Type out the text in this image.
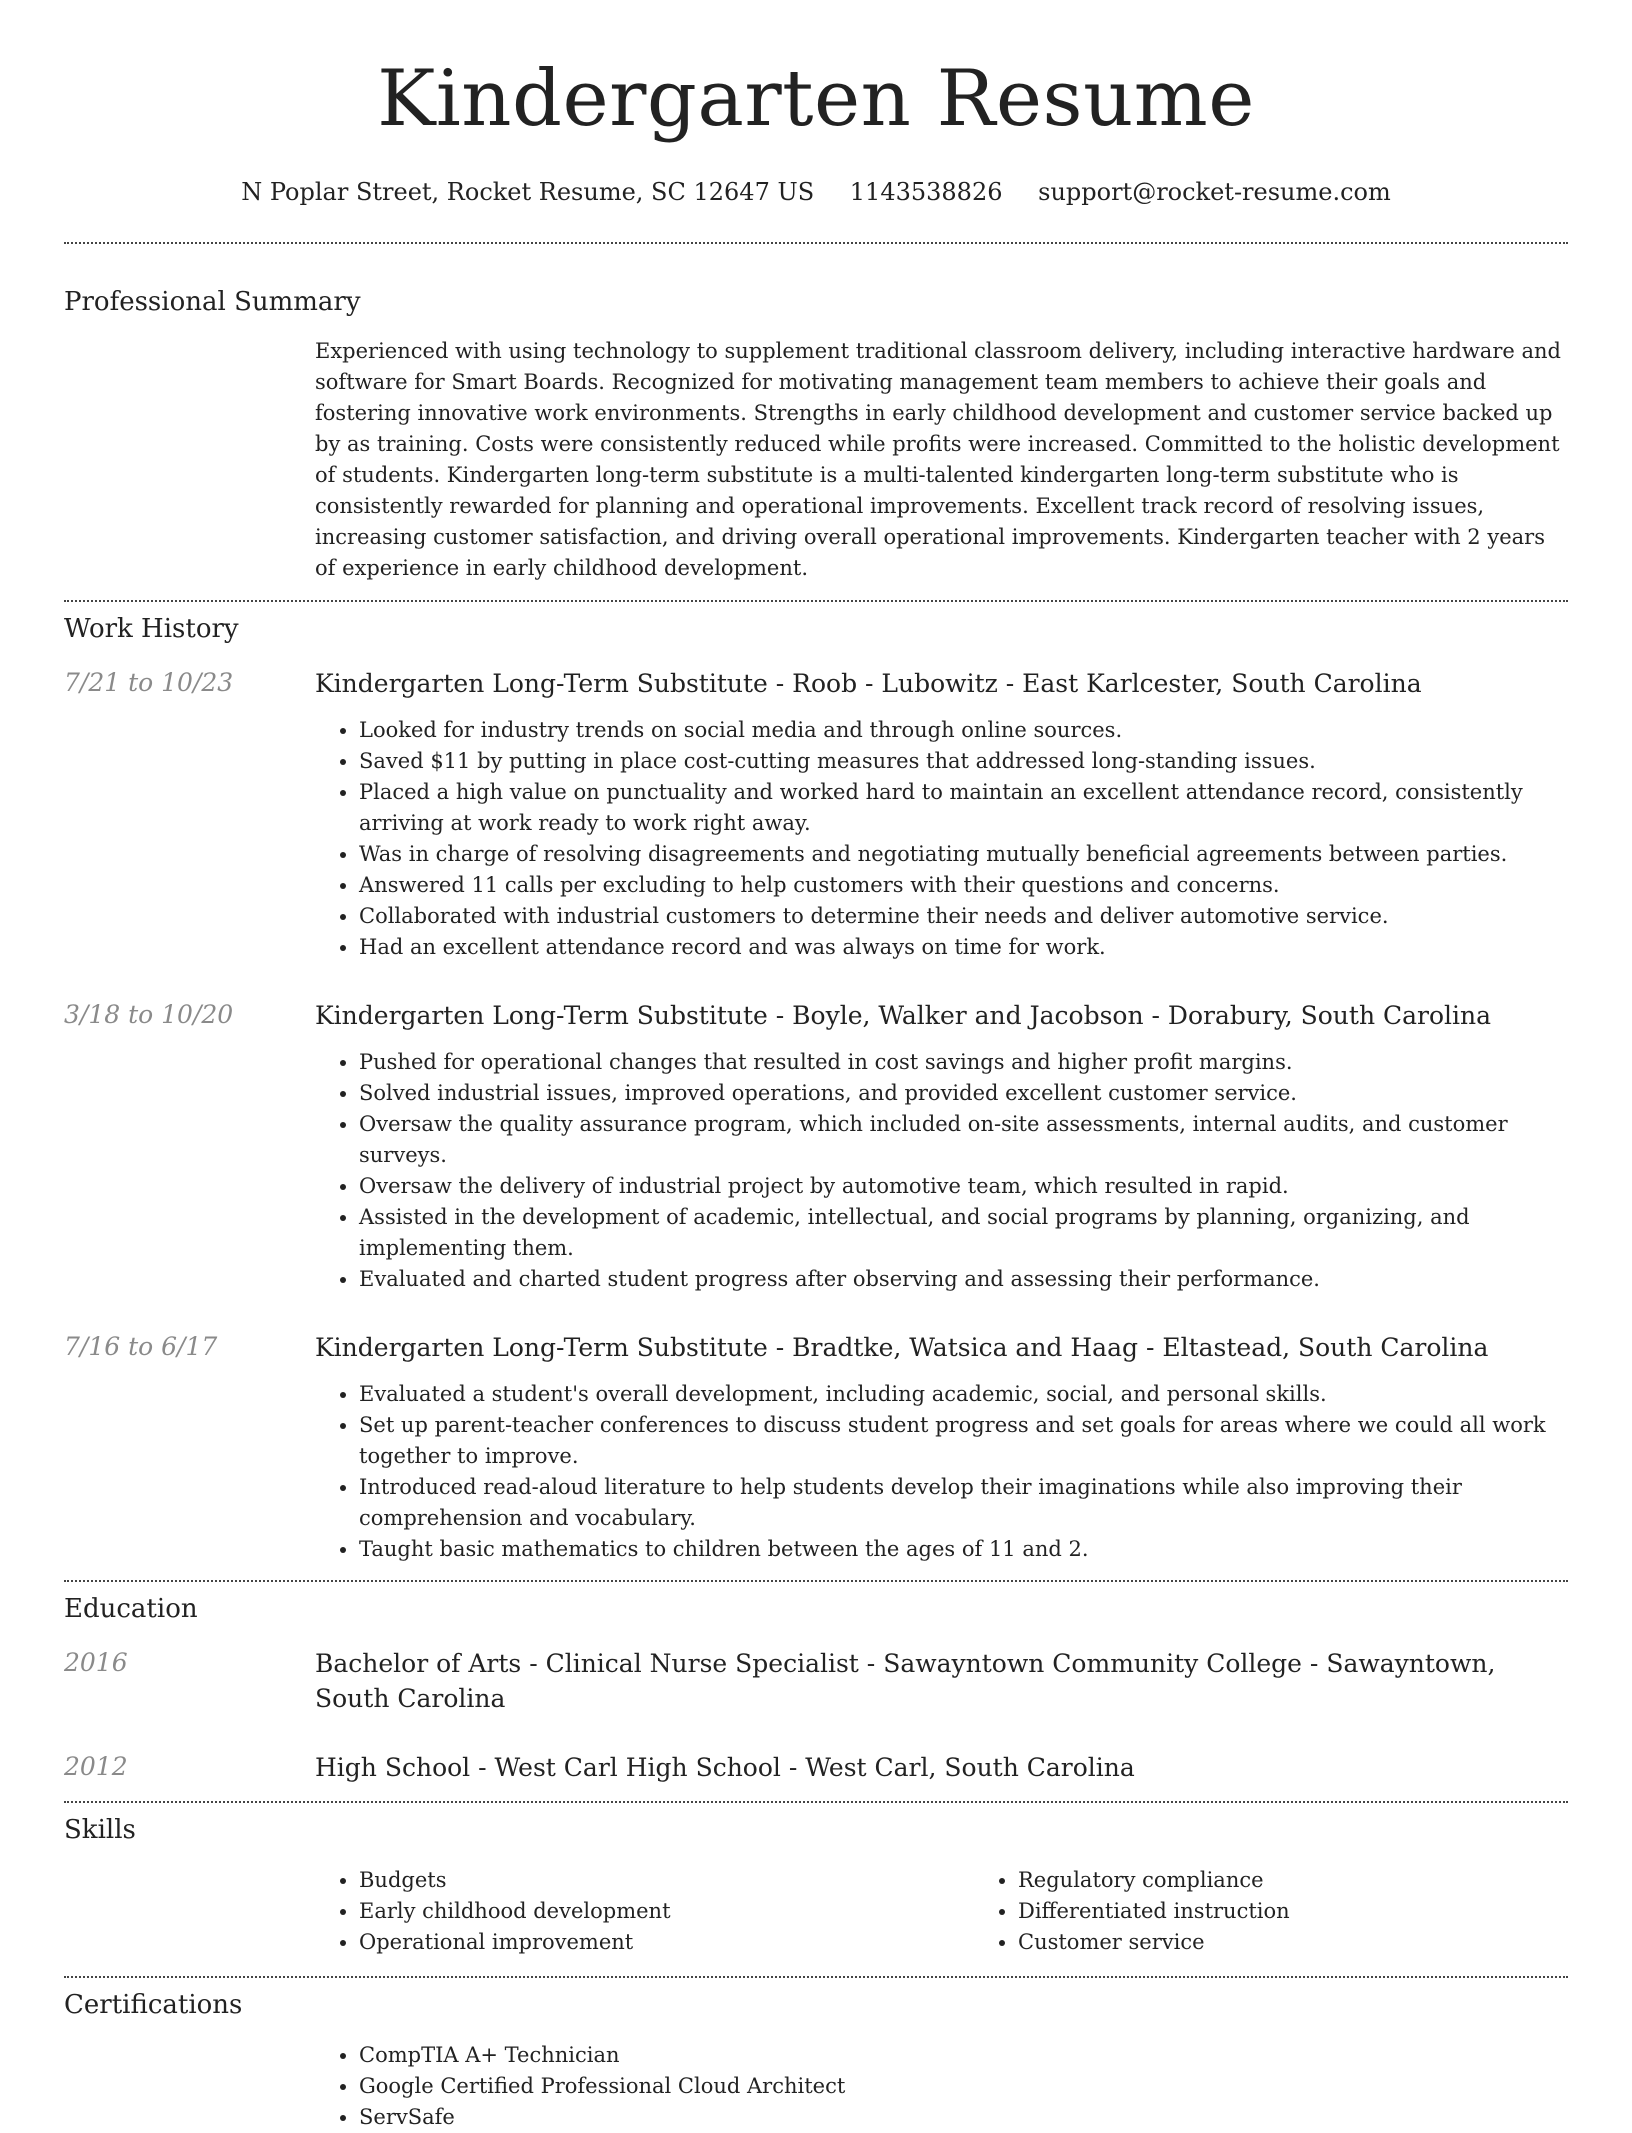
Kindergarten Resume
N Poplar Street, Rocket Resume, SC 12647 US 1143538826 support@rocket-resume.com
Professional Summary

Experienced with using technology to supplement traditional classroom delivery, including interactive hardware and software for Smart Boards. Recognized for motivating management team members to achieve their goals and fostering innovative work environments. Strengths in early childhood development and customer service backed up by as training. Costs were consistently reduced while profits were increased. Committed to the holistic development of students. Kindergarten long-term substitute is a multi-talented kindergarten long-term substitute who is consistently rewarded for planning and operational improvements. Excellent track record of resolving issues, increasing customer satisfaction, and driving overall operational improvements. Kindergarten teacher with 2 years of experience in early childhood development.

Work History
7/21 to 10/23	Kindergarten Long-Term Substitute - Roob - Lubowitz - East Karlcester, South Carolina

• Looked for industry trends on social media and through online sources.
• Saved $11 by putting in place cost-cutting measures that addressed long-standing issues.
• Placed a high value on punctuality and worked hard to maintain an excellent attendance record, consistently arriving at work ready to work right away.
• Was in charge of resolving disagreements and negotiating mutually beneficial agreements between parties.
• Answered 11 calls per excluding to help customers with their questions and concerns.
• Collaborated with industrial customers to determine their needs and deliver automotive service.
• Had an excellent attendance record and was always on time for work.
3/18 to 10/20	Kindergarten Long-Term Substitute - Boyle, Walker and Jacobson - Dorabury, South Carolina

• Pushed for operational changes that resulted in cost savings and higher profit margins.
• Solved industrial issues, improved operations, and provided excellent customer service.
• Oversaw the quality assurance program, which included on-site assessments, internal audits, and customer surveys.
• Oversaw the delivery of industrial project by automotive team, which resulted in rapid.
• Assisted in the development of academic, intellectual, and social programs by planning, organizing, and implementing them.
• Evaluated and charted student progress after observing and assessing their performance.
7/16 to 6/17	Kindergarten Long-Term Substitute - Bradtke, Watsica and Haag - Eltastead, South Carolina

• Evaluated a student's overall development, including academic, social, and personal skills.
• Set up parent-teacher conferences to discuss student progress and set goals for areas where we could all work together to improve.
• Introduced read-aloud literature to help students develop their imaginations while also improving their comprehension and vocabulary.
• Taught basic mathematics to children between the ages of 11 and 2.
Education
2016	Bachelor of Arts - Clinical Nurse Specialist - Sawayntown Community College - Sawayntown, South Carolina

2012	High School - West Carl High School - West Carl, South Carolina

Skills
• Budgets
• Early childhood development
• Operational improvement
• Regulatory compliance
• Differentiated instruction
• Customer service
Certifications
• CompTIA A+ Technician
• Google Certified Professional Cloud Architect
• ServSafe
